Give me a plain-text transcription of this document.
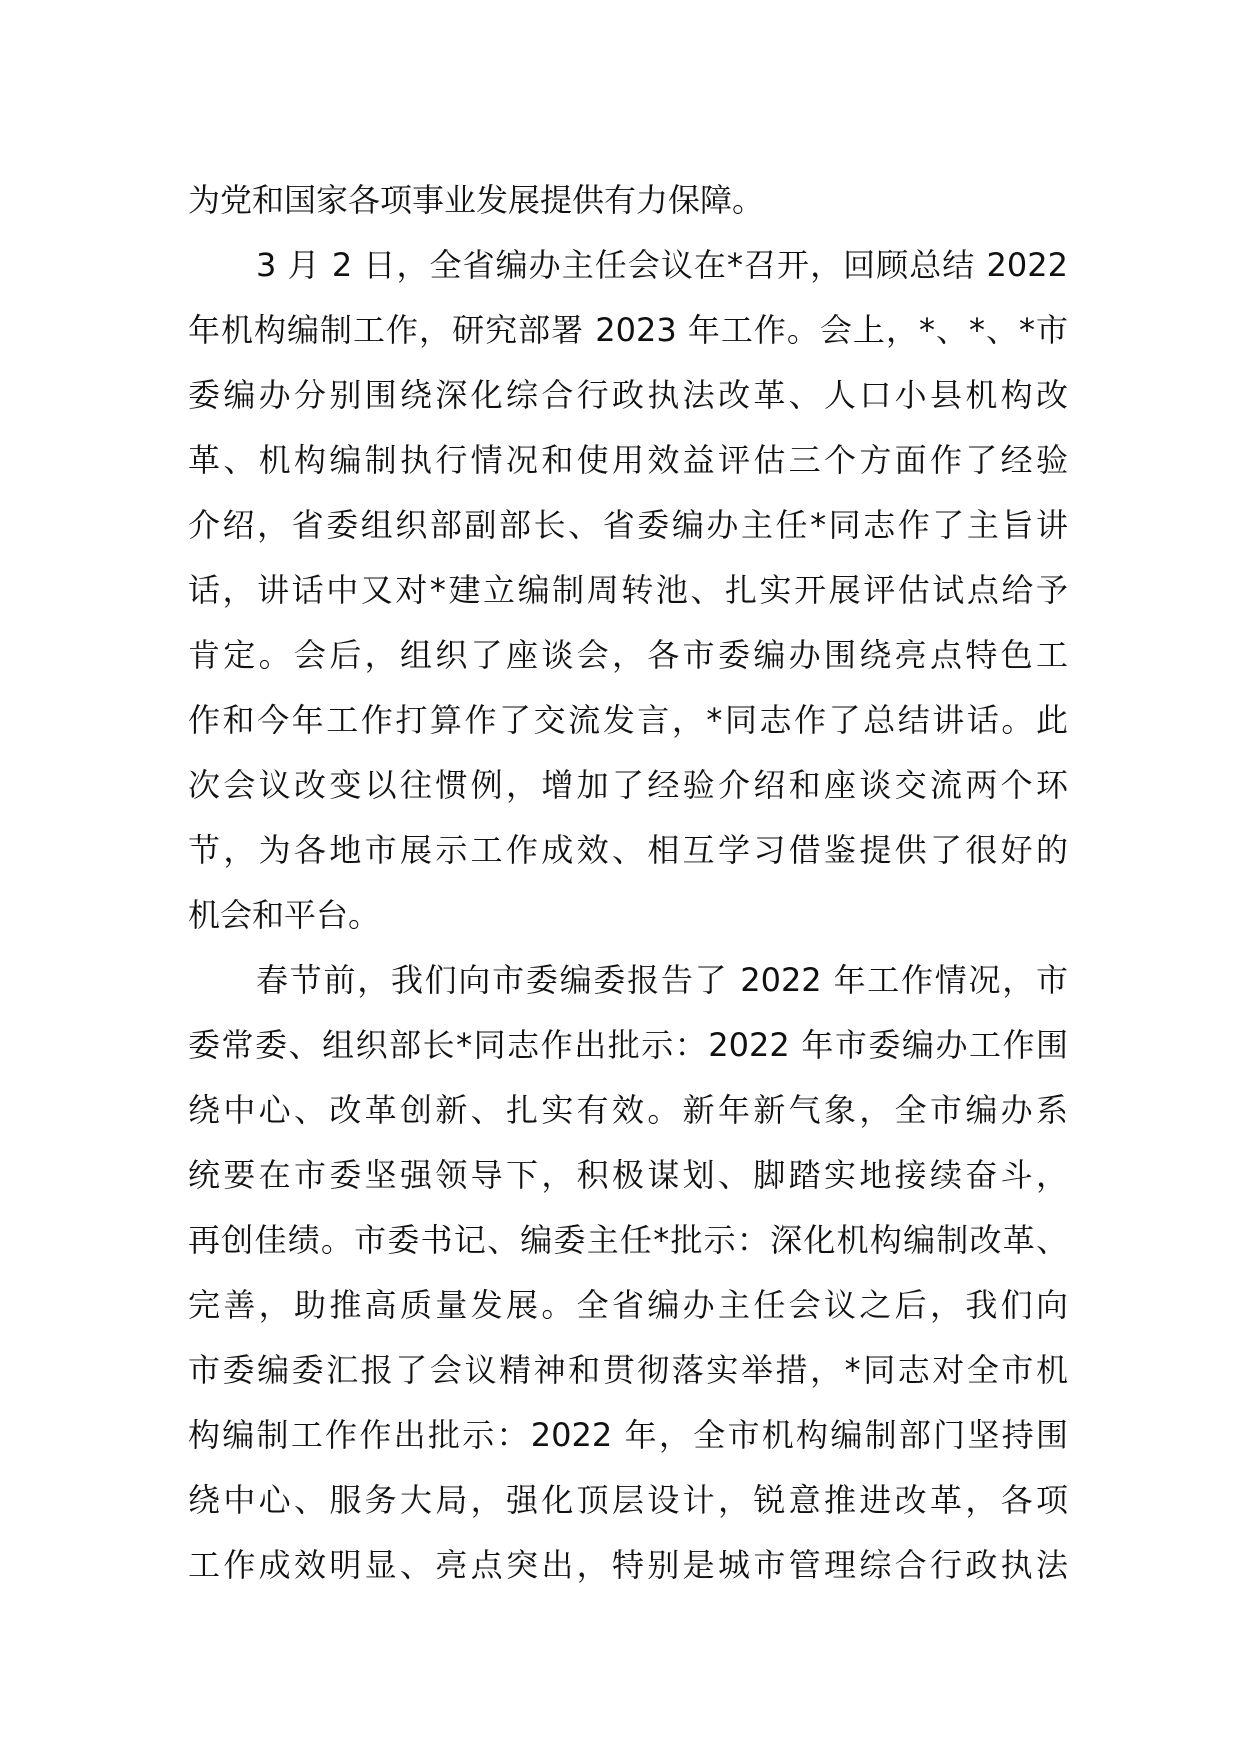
为党和国家各项事业发展提供有力保障。
3 月 2 日，全省编办主任会议在*召开，回顾总结 2022
年机构编制工作，研究部署 2023 年工作。会上，*、*、*市
委编办分别围绕深化综合行政执法改革、人口小县机构改
革、机构编制执行情况和使用效益评估三个方面作了经验
介绍，省委组织部副部长、省委编办主任*同志作了主旨讲
话，讲话中又对*建立编制周转池、扎实开展评估试点给予
肯定。会后，组织了座谈会，各市委编办围绕亮点特色工
作和今年工作打算作了交流发言，*同志作了总结讲话。此
次会议改变以往惯例，增加了经验介绍和座谈交流两个环
节，为各地市展示工作成效、相互学习借鉴提供了很好的
机会和平台。
春节前，我们向市委编委报告了 2022 年工作情况，市
委常委、组织部长*同志作出批示：2022 年市委编办工作围
绕中心、改革创新、扎实有效。新年新气象，全市编办系
统要在市委坚强领导下，积极谋划、脚踏实地接续奋斗，
再创佳绩。市委书记、编委主任*批示：深化机构编制改革、
完善，助推高质量发展。全省编办主任会议之后，我们向
市委编委汇报了会议精神和贯彻落实举措，*同志对全市机
构编制工作作出批示：2022 年，全市机构编制部门坚持围
绕中心、服务大局，强化顶层设计，锐意推进改革，各项
工作成效明显、亮点突出，特别是城市管理综合行政执法
